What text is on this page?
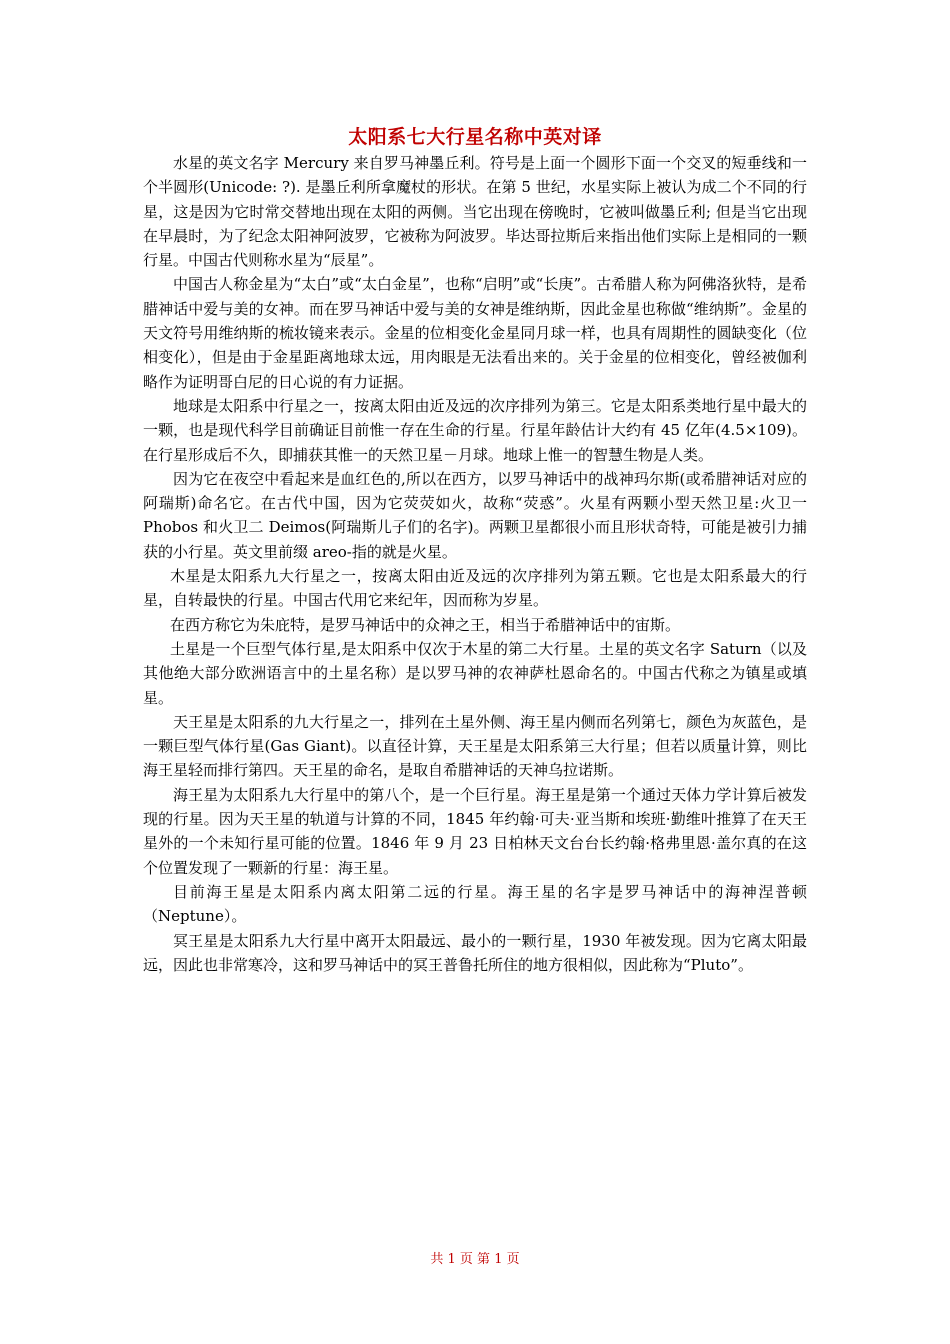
太阳系七大行星名称中英对译

水星的英文名字 Mercury 来自罗马神墨丘利。符号是上面一个圆形下面一个交叉的短垂线和一个半圆形(Unicode: ?). 是墨丘利所拿魔杖的形状。在第 5 世纪，水星实际上被认为成二个不同的行星，这是因为它时常交替地出现在太阳的两侧。当它出现在傍晚时，它被叫做墨丘利; 但是当它出现在早晨时，为了纪念太阳神阿波罗，它被称为阿波罗。毕达哥拉斯后来指出他们实际上是相同的一颗行星。中国古代则称水星为“辰星”。

中国古人称金星为“太白”或“太白金星”，也称“启明”或“长庚”。古希腊人称为阿佛洛狄特，是希腊神话中爱与美的女神。而在罗马神话中爱与美的女神是维纳斯，因此金星也称做“维纳斯”。金星的天文符号用维纳斯的梳妆镜来表示。金星的位相变化金星同月球一样，也具有周期性的圆缺变化（位相变化），但是由于金星距离地球太远，用肉眼是无法看出来的。关于金星的位相变化，曾经被伽利略作为证明哥白尼的日心说的有力证据。

地球是太阳系中行星之一，按离太阳由近及远的次序排列为第三。它是太阳系类地行星中最大的一颗，也是现代科学目前确证目前惟一存在生命的行星。行星年龄估计大约有 45 亿年(4.5×109)。在行星形成后不久，即捕获其惟一的天然卫星－月球。地球上惟一的智慧生物是人类。

因为它在夜空中看起来是血红色的,所以在西方，以罗马神话中的战神玛尔斯(或希腊神话对应的阿瑞斯)命名它。在古代中国，因为它荧荧如火，故称“荧惑”。火星有两颗小型天然卫星:火卫一 Phobos 和火卫二 Deimos(阿瑞斯儿子们的名字)。两颗卫星都很小而且形状奇特，可能是被引力捕获的小行星。英文里前缀 areo-指的就是火星。

木星是太阳系九大行星之一，按离太阳由近及远的次序排列为第五颗。它也是太阳系最大的行星，自转最快的行星。中国古代用它来纪年，因而称为岁星。

在西方称它为朱庇特，是罗马神话中的众神之王，相当于希腊神话中的宙斯。

土星是一个巨型气体行星,是太阳系中仅次于木星的第二大行星。土星的英文名字 Saturn（以及其他绝大部分欧洲语言中的土星名称）是以罗马神的农神萨杜恩命名的。中国古代称之为镇星或填星。

天王星是太阳系的九大行星之一，排列在土星外侧、海王星内侧而名列第七，颜色为灰蓝色，是一颗巨型气体行星(Gas Giant)。以直径计算，天王星是太阳系第三大行星；但若以质量计算，则比海王星轻而排行第四。天王星的命名，是取自希腊神话的天神乌拉诺斯。

海王星为太阳系九大行星中的第八个，是一个巨行星。海王星是第一个通过天体力学计算后被发现的行星。因为天王星的轨道与计算的不同，1845 年约翰·可夫·亚当斯和埃班·勤维叶推算了在天王星外的一个未知行星可能的位置。1846 年 9 月 23 日柏林天文台台长约翰·格弗里恩·盖尔真的在这个位置发现了一颗新的行星：海王星。

目前海王星是太阳系内离太阳第二远的行星。海王星的名字是罗马神话中的海神涅普顿（Neptune）。

冥王星是太阳系九大行星中离开太阳最远、最小的一颗行星，1930 年被发现。因为它离太阳最远，因此也非常寒冷，这和罗马神话中的冥王普鲁托所住的地方很相似，因此称为“Pluto”。

共 1 页 第 1 页
